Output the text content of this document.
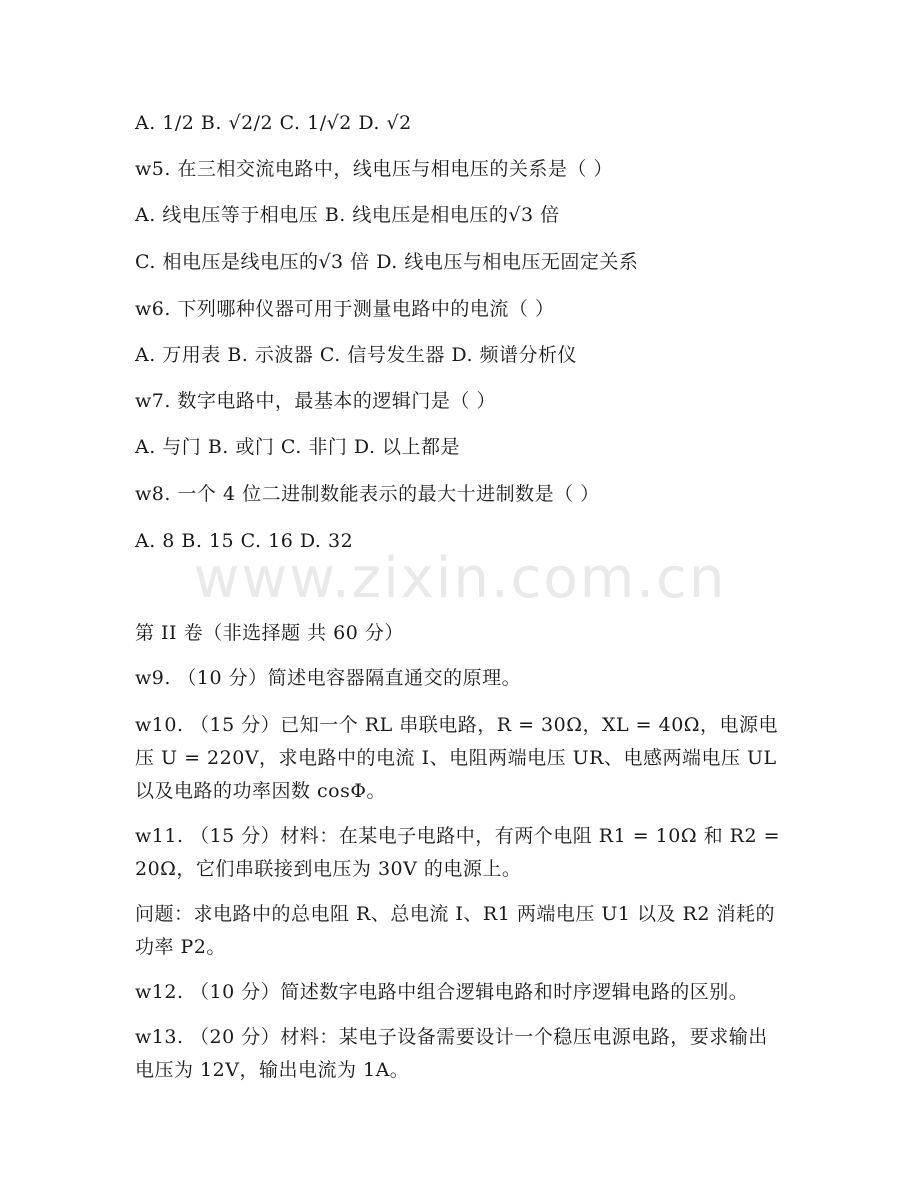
www.zixin.com.cn
A. 1/2 B. √2/2 C. 1/√2 D. √2
w5. 在三相交流电路中，线电压与相电压的关系是（ ）
A. 线电压等于相电压 B. 线电压是相电压的√3 倍
C. 相电压是线电压的√3 倍 D. 线电压与相电压无固定关系
w6. 下列哪种仪器可用于测量电路中的电流（ ）
A. 万用表 B. 示波器 C. 信号发生器 D. 频谱分析仪
w7. 数字电路中，最基本的逻辑门是（ ）
A. 与门 B. 或门 C. 非门 D. 以上都是
w8. 一个 4 位二进制数能表示的最大十进制数是（ ）
A. 8 B. 15 C. 16 D. 32
第 II 卷（非选择题 共 60 分）
w9. （10 分）简述电容器隔直通交的原理。
w10. （15 分）已知一个 RL 串联电路，R = 30Ω，XL = 40Ω，电源电压 U = 220V，求电路中的电流 I、电阻两端电压 UR、电感两端电压 UL 以及电路的功率因数 cosΦ。
w11. （15 分）材料：在某电子电路中，有两个电阻 R1 = 10Ω 和 R2 = 20Ω，它们串联接到电压为 30V 的电源上。
问题：求电路中的总电阻 R、总电流 I、R1 两端电压 U1 以及 R2 消耗的功率 P2。
w12. （10 分）简述数字电路中组合逻辑电路和时序逻辑电路的区别。
w13. （20 分）材料：某电子设备需要设计一个稳压电源电路，要求输出电压为 12V，输出电流为 1A。
